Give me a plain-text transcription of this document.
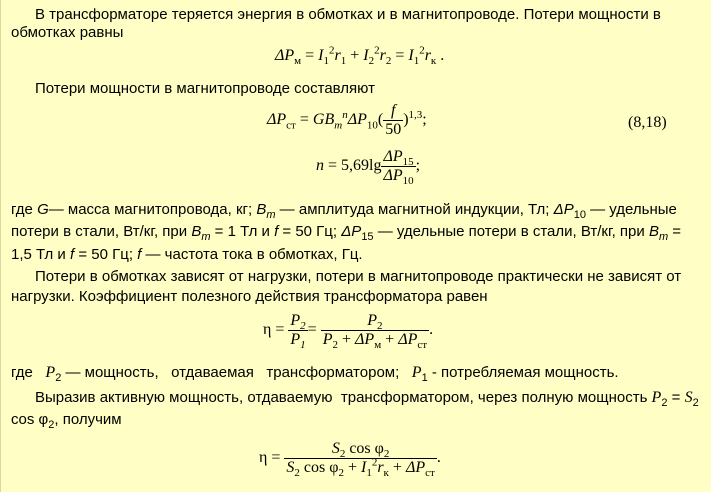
В трансформаторе теряется энергия в обмотках и в магнитопроводе. Потери мощности в
обмотках равны
$\Delta P_м = I_1^2r_1 + I_2^2r_2 = I_1^2r_к$ .
Потери мощности в магнитопроводе составляют
$\Delta P_{ст} = GB_m^n\Delta P_{10}( \frac{f}{50} )^{1,3}$;	(8,18)
$n = 5,69\lg \frac{\Delta P_{15}}{\Delta P_{10}}$ ;
где G— масса магнитопровода, кг; $B_m$ — амплитуда магнитной индукции, Тл; $\Delta P_{10}$ — удельные
потери в стали, Вт/кг, при $B_m = 1$ Тл и f = 50 Гц; $\Delta P_{15}$ — удельные потери в стали, Вт/кг, при $B_m$ =
1,5 Тл и f = 50 Гц; f — частота тока в обмотках, Гц.
Потери в обмотках зависят от нагрузки, потери в магнитопроводе практически не зависят от
нагрузки. Коэффициент полезного действия трансформатора равен
$\eta = \frac{P_2}{P_1} = \frac{P_2}{P_2 + \Delta P_м + \Delta P_{ст}}$ .
где   $P_2$ — мощность,   отдаваемая   трансформатором;   $P_1$ - потребляемая мощность.
Выразив активную мощность, отдаваемую  трансформатором, через полную мощность $P_2 = S_2$
$\cos \varphi_2$, получим
$\eta = \frac{S_2 \cos \varphi_2}{S_2 \cos \varphi_2 + I_1^2r_к + \Delta P_{ст}}$ .
